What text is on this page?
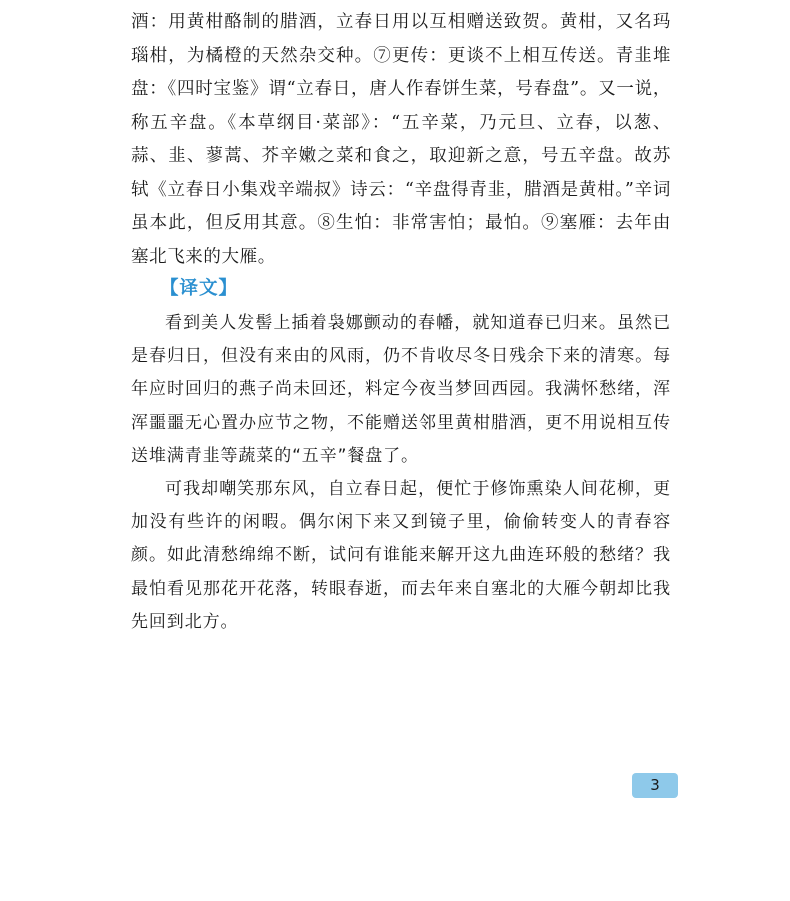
酒：用黄柑酪制的腊酒，立春日用以互相赠送致贺。黄柑，又名玛瑙柑，为橘橙的天然杂交种。⑦更传：更谈不上相互传送。青韭堆盘：《四时宝鉴》谓“立春日，唐人作春饼生菜，号春盘”。又一说，称五辛盘。《本草纲目·菜部》：“五辛菜，乃元旦、立春，以葱、蒜、韭、蓼蒿、芥辛嫩之菜和食之，取迎新之意，号五辛盘。故苏轼《立春日小集戏辛端叔》诗云：“辛盘得青韭，腊酒是黄柑。”辛词虽本此，但反用其意。⑧生怕：非常害怕；最怕。⑨塞雁：去年由塞北飞来的大雁。

【译文】

看到美人发髻上插着袅娜颤动的春幡，就知道春已归来。虽然已是春归日，但没有来由的风雨，仍不肯收尽冬日残余下来的清寒。每年应时回归的燕子尚未回还，料定今夜当梦回西园。我满怀愁绪，浑浑噩噩无心置办应节之物，不能赠送邻里黄柑腊酒，更不用说相互传送堆满青韭等蔬菜的“五辛”餐盘了。

可我却嘲笑那东风，自立春日起，便忙于修饰熏染人间花柳，更加没有些许的闲暇。偶尔闲下来又到镜子里，偷偷转变人的青春容颜。如此清愁绵绵不断，试问有谁能来解开这九曲连环般的愁绪？我最怕看见那花开花落，转眼春逝，而去年来自塞北的大雁今朝却比我先回到北方。

3
